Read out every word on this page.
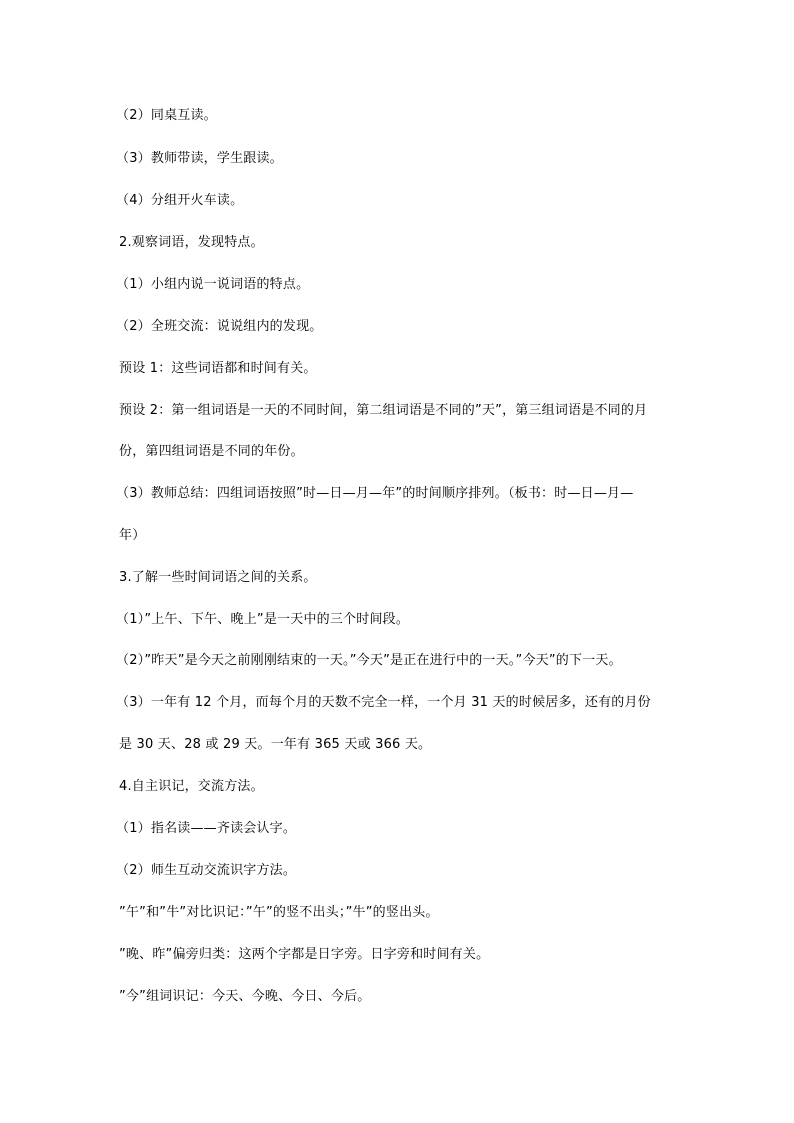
（2）同桌互读。
（3）教师带读，学生跟读。
（4）分组开火车读。
2.观察词语，发现特点。
（1）小组内说一说词语的特点。
（2）全班交流：说说组内的发现。
预设 1：这些词语都和时间有关。
预设 2：第一组词语是一天的不同时间，第二组词语是不同的”天”，第三组词语是不同的月
份，第四组词语是不同的年份。
（3）教师总结：四组词语按照”时—日—月—年”的时间顺序排列。（板书：时—日—月—
年）
3.了解一些时间词语之间的关系。
（1）”上午、下午、晚上”是一天中的三个时间段。
（2）”昨天”是今天之前刚刚结束的一天。”今天”是正在进行中的一天。”今天”的下一天。
（3）一年有 12 个月，而每个月的天数不完全一样，一个月 31 天的时候居多，还有的月份
是 30 天、28 或 29 天。一年有 365 天或 366 天。
4.自主识记，交流方法。
（1）指名读——齐读会认字。
（2）师生互动交流识字方法。
”午”和”牛”对比识记：”午”的竖不出头；”牛”的竖出头。
”晚、昨”偏旁归类：这两个字都是日字旁。日字旁和时间有关。
”今”组词识记：今天、今晚、今日、今后。
